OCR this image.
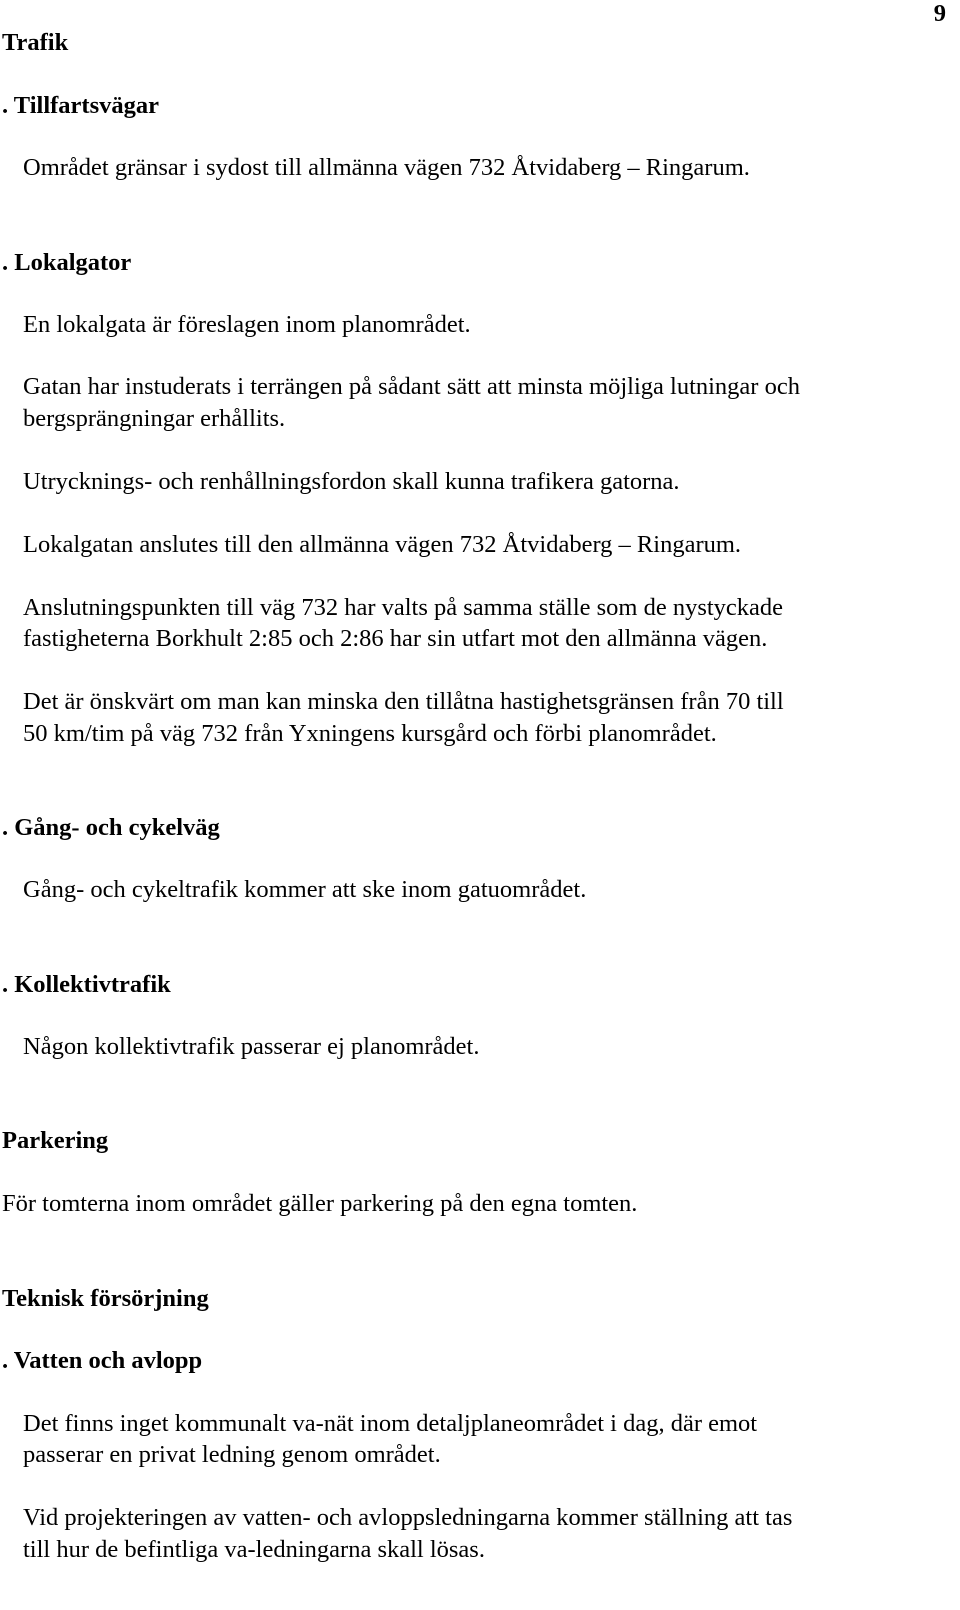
9
Trafik
. Tillfartsvägar
Området gränsar i sydost till allmänna vägen 732 Åtvidaberg – Ringarum.
. Lokalgator
En lokalgata är föreslagen inom planområdet.
Gatan har instuderats i terrängen på sådant sätt att minsta möjliga lutningar och
bergsprängningar erhållits.
Utrycknings- och renhållningsfordon skall kunna trafikera gatorna.
Lokalgatan anslutes till den allmänna vägen 732 Åtvidaberg – Ringarum.
Anslutningspunkten till väg 732 har valts på samma ställe som de nystyckade
fastigheterna Borkhult 2:85 och 2:86 har sin utfart mot den allmänna vägen.
Det är önskvärt om man kan minska den tillåtna hastighetsgränsen från 70 till
50 km/tim på väg 732 från Yxningens kursgård och förbi planområdet.
. Gång- och cykelväg
Gång- och cykeltrafik kommer att ske inom gatuområdet.
. Kollektivtrafik
Någon kollektivtrafik passerar ej planområdet.
Parkering
För tomterna inom området gäller parkering på den egna tomten.
Teknisk försörjning
. Vatten och avlopp
Det finns inget kommunalt va-nät inom detaljplaneområdet i dag, där emot
passerar en privat ledning genom området.
Vid projekteringen av vatten- och avloppsledningarna kommer ställning att tas
till hur de befintliga va-ledningarna skall lösas.
